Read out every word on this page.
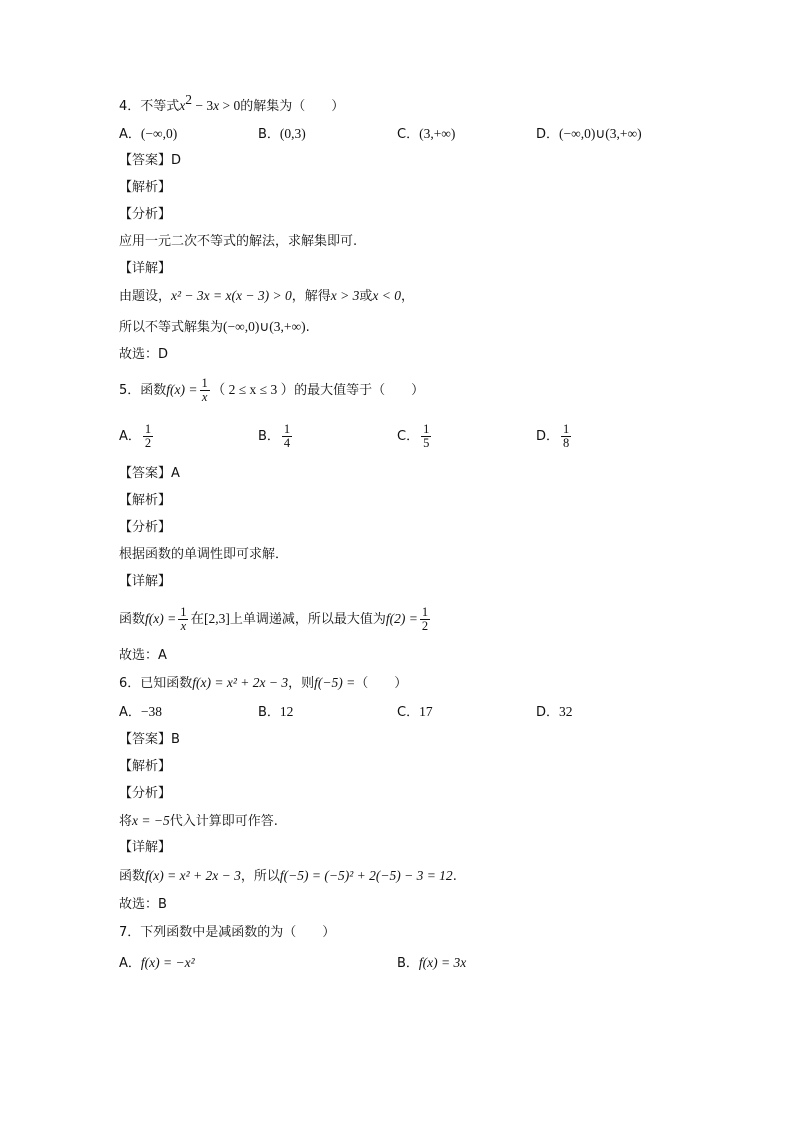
4．不等式$x^2 - 3x > 0$的解集为（　　）
A．(−∞,0)	B．(0,3)	C．(3,+∞)	D．(−∞,0)∪(3,+∞)
【答案】D
【解析】
【分析】
应用一元二次不等式的解法，求解集即可.
【详解】
由题设，x² − 3x = x(x − 3) > 0，解得x > 3或x < 0，
所以不等式解集为(−∞,0)∪(3,+∞).
故选：D
5．函数$f(x) = \frac{1}{x}$ （ 2 ≤ x ≤ 3 ）的最大值等于（　　）
A． $\frac{1}{2}$	B． $\frac{1}{4}$	C． $\frac{1}{5}$	D． $\frac{1}{8}$
【答案】A
【解析】
【分析】
根据函数的单调性即可求解．
【详解】
函数$f(x) = \frac{1}{x}$ 在[2,3]上单调递减，所以最大值为$f(2) = \frac{1}{2}$
故选：A
6．已知函数f(x) = x² + 2x − 3，则f(−5) =（　　）
A．−38	B．12	C．17	D．32
【答案】B
【解析】
【分析】
将x = −5代入计算即可作答.
【详解】
函数f(x) = x² + 2x − 3，所以f(−5) = (−5)² + 2(−5) − 3 = 12.
故选：B
7．下列函数中是减函数的为（　　）
A．f(x) = −x²	B．f(x) = 3x
